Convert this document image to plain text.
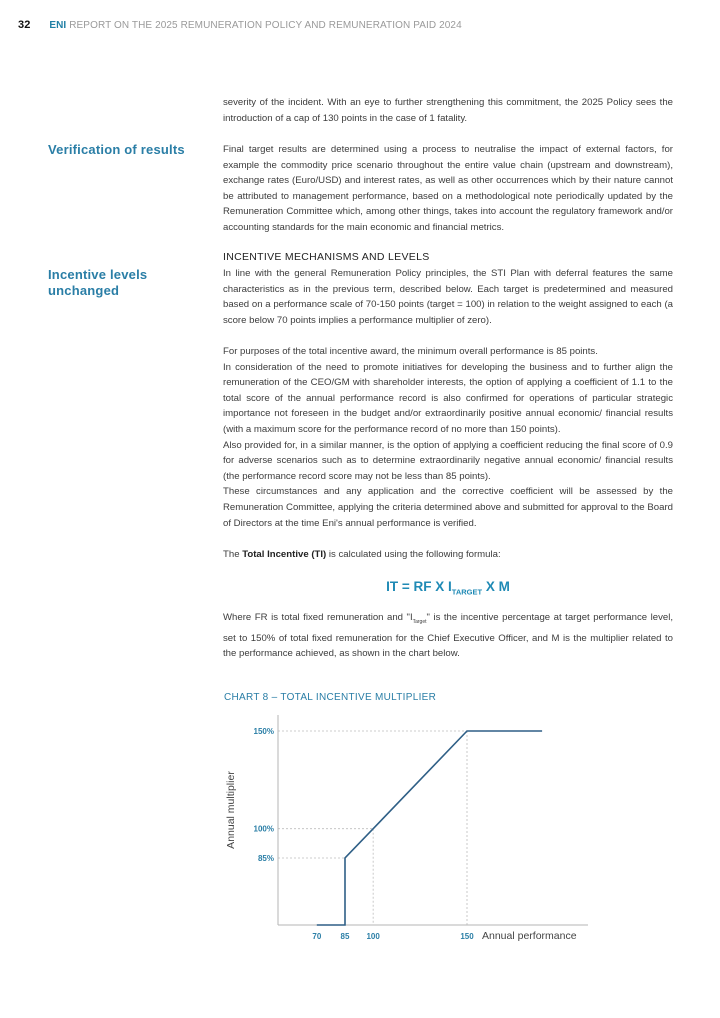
32 ENI REPORT ON THE 2025 REMUNERATION POLICY AND REMUNERATION PAID 2024

severity of the incident. With an eye to further strengthening this commitment, the 2025 Policy sees the introduction of a cap of 130 points in the case of 1 fatality.

Verification of results	Final target results are determined using a process to neutralise the impact of external factors, for example the commodity price scenario throughout the entire value chain (upstream and downstream), exchange rates (Euro/USD) and interest rates, as well as other occurrences which by their nature cannot be attributed to management performance, based on a methodological note periodically updated by the Remuneration Committee which, among other things, takes into account the regulatory framework and/or accounting standards for the main economic and financial metrics.

INCENTIVE MECHANISMS AND LEVELS
Incentive levels unchanged

In line with the general Remuneration Policy principles, the STI Plan with deferral features the same characteristics as in the previous term, described below. Each target is predetermined and measured based on a performance scale of 70-150 points (target = 100) in relation to the weight assigned to each (a score below 70 points implies a performance multiplier of zero).

For purposes of the total incentive award, the minimum overall performance is 85 points.

In consideration of the need to promote initiatives for developing the business and to further align the remuneration of the CEO/GM with shareholder interests, the option of applying a coefficient of 1.1 to the total score of the annual performance record is also confirmed for operations of particular strategic importance not foreseen in the budget and/or extraordinarily positive annual economic/ financial results (with a maximum score for the performance record of no more than 150 points).

Also provided for, in a similar manner, is the option of applying a coefficient reducing the final score of 0.9 for adverse scenarios such as to determine extraordinarily negative annual economic/ financial results (the performance record score may not be less than 85 points).

These circumstances and any application and the corrective coefficient will be assessed by the Remuneration Committee, applying the criteria determined above and submitted for approval to the Board of Directors at the time Eni's annual performance is verified.

The Total Incentive (TI) is calculated using the following formula:

IT = RF X $I_{TARGET}$ X M

Where FR is total fixed remuneration and "$I_{Target}$" is the incentive percentage at target performance level, set to 150% of total fixed remuneration for the Chief Executive Officer, and M is the multiplier related to the performance achieved, as shown in the chart below.

CHART 8 – TOTAL INCENTIVE MULTIPLIER
150%
100%
85%
70 85 100	150
Annual multiplier
Annual performance
